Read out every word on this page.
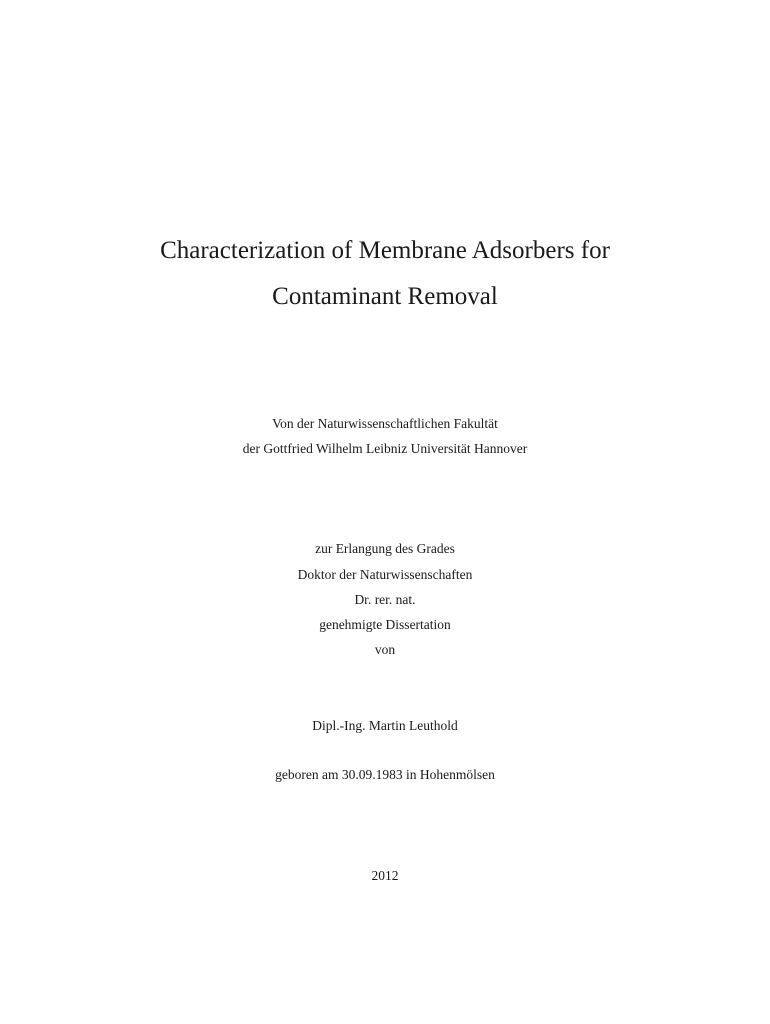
Characterization of Membrane Adsorbers for
Contaminant Removal
Von der Naturwissenschaftlichen Fakultät
der Gottfried Wilhelm Leibniz Universität Hannover
zur Erlangung des Grades
Doktor der Naturwissenschaften
Dr. rer. nat.
genehmigte Dissertation
von
Dipl.-Ing. Martin Leuthold
geboren am 30.09.1983 in Hohenmölsen
2012
